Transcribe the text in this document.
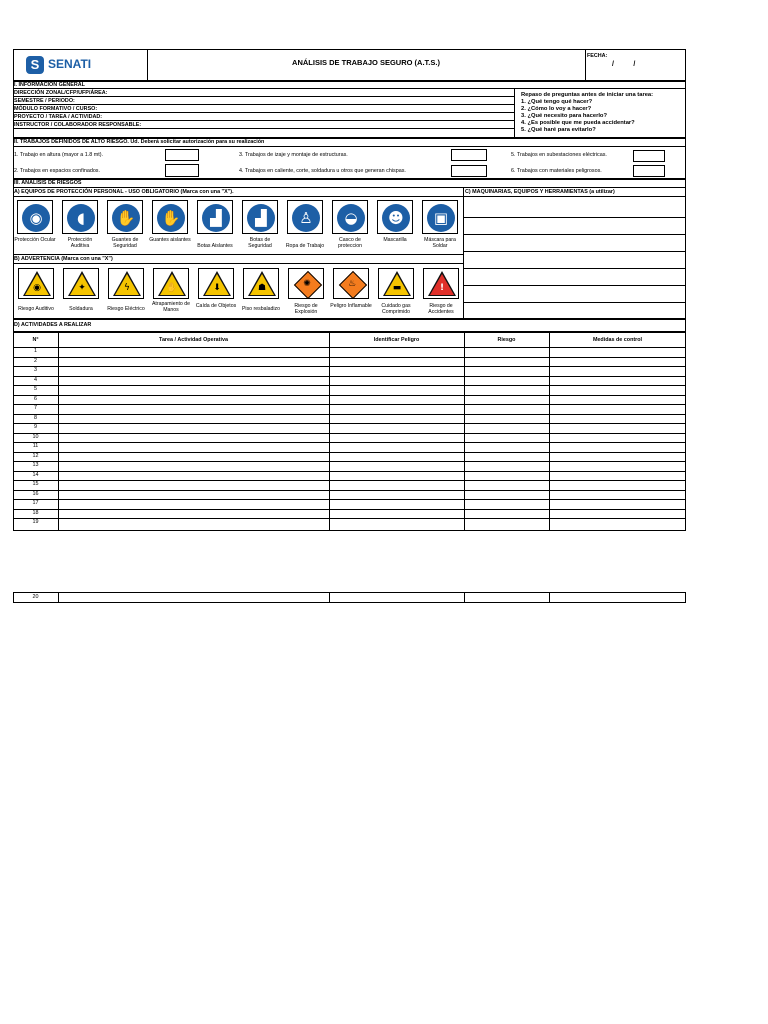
S SENATI	ANÁLISIS DE TRABAJO SEGURO (A.T.S.)
FECHA:
/          /
I. INFORMACIÓN GENERAL
DIRECCIÓN ZONAL/CFP/UFP/ÁREA:
SEMESTRE / PERIODO:
MÓDULO FORMATIVO / CURSO:
PROYECTO / TAREA / ACTIVIDAD:
INSTRUCTOR / COLABORADOR RESPONSABLE:
Repaso de preguntas antes de iniciar una tarea:
1. ¿Qué tengo qué hacer?
2. ¿Cómo lo voy a hacer?
3. ¿Qué necesito para hacerlo?
4. ¿Es posible que me pueda accidentar?
5. ¿Qué haré para evitarlo?
II. TRABAJOS DEFINIDOS DE ALTO RIESGO. Ud. Deberá solicitar autorización para su realización
1. Trabajo en altura (mayor a 1.8 mt).	3. Trabajos de izaje y montaje de estructuras.	5. Trabajos en subestaciones eléctricas.
2. Trabajos en espacios confinados.	4. Trabajos en caliente, corte, soldadura u otros que generan chispas.	6. Trabajos con materiales peligrosos.
III. ANÁLISIS DE RIESGOS
A) EQUIPOS DE PROTECCIÓN PERSONAL - USO OBLIGATORIO (Marca con una "X").	C) MAQUINARIAS, EQUIPOS Y HERRAMIENTAS (a utilizar)
◉
Protección Ocular
◖
Protección Auditiva
✋
Guantes de Seguridad
✋
Guantes aislantes
▟
Botas Aislantes
▟
Botas de Seguridad
♙
Ropa de Trabajo
◒
Casco de proteccion
☻
Mascarilla
▣
Máscara para Soldar
B) ADVERTENCIA (Marca con una "X")
◉
Riesgo Auditivo
✦
Soldadura
ϟ
Riesgo Eléctrico
✋
Atrapamiento de Manos
⬇
Caída de Objetos
☗
Piso resbaladizo
✺
Riesgo de Explosión
♨
Peligro Inflamable
▬
Cuidado gas Comprimido
!
Riesgo de Accidentes
D) ACTIVIDADES A REALIZAR
N°	Tarea / Actividad Operativa	Identificar Peligro	Riesgo	Medidas de control
1
2
3
4
5
6
7
8
9
10
11
12
13
14
15
16
17
18
19
20
